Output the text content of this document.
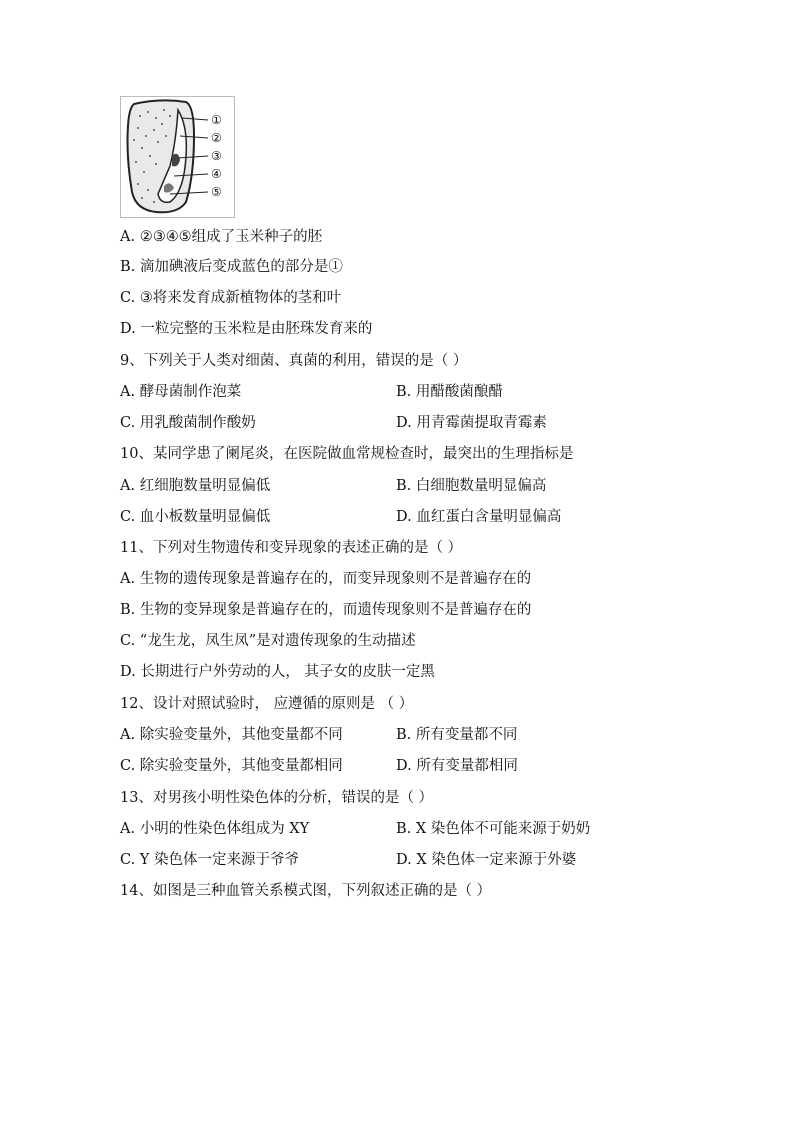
①
②
③
④
⑤
A. ②③④⑤组成了玉米种子的胚
B. 滴加碘液后变成蓝色的部分是①
C. ③将来发育成新植物体的茎和叶
D. 一粒完整的玉米粒是由胚珠发育来的
9、下列关于人类对细菌、真菌的利用，错误的是（ ）
A. 酵母菌制作泡菜	B. 用醋酸菌酿醋
C. 用乳酸菌制作酸奶	D. 用青霉菌提取青霉素
10、某同学患了阑尾炎，在医院做血常规检查时，最突出的生理指标是
A. 红细胞数量明显偏低	B. 白细胞数量明显偏高
C. 血小板数量明显偏低	D. 血红蛋白含量明显偏高
11、下列对生物遗传和变异现象的表述正确的是（ ）
A. 生物的遗传现象是普遍存在的，而变异现象则不是普遍存在的
B. 生物的变异现象是普遍存在的，而遗传现象则不是普遍存在的
C. “龙生龙，凤生凤”是对遗传现象的生动描述
D. 长期进行户外劳动的人， 其子女的皮肤一定黑
12、设计对照试验时， 应遵循的原则是 （ ）
A. 除实验变量外，其他变量都不同	B. 所有变量都不同
C. 除实验变量外，其他变量都相同	D. 所有变量都相同
13、对男孩小明性染色体的分析，错误的是（ ）
A. 小明的性染色体组成为 XY	B. X 染色体不可能来源于奶奶
C. Y 染色体一定来源于爷爷	D. X 染色体一定来源于外婆
14、如图是三种血管关系模式图，下列叙述正确的是（ ）
